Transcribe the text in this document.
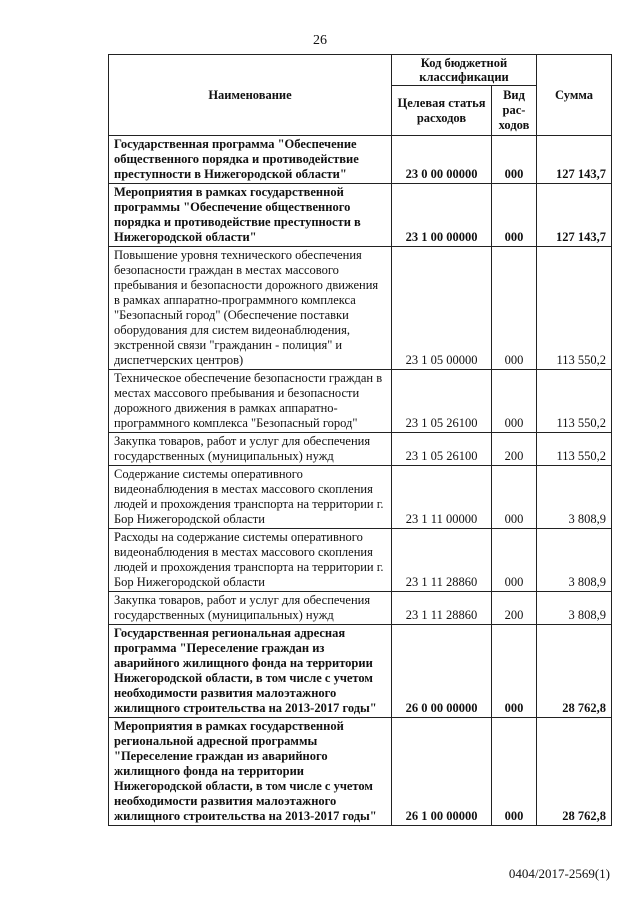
26
Наименование	Код бюджетной классификации		Сумма
	Целевая статья расходов	Вид рас-ходов	
Государственная программа "Обеспечение общественного порядка и противодействие преступности в Нижегородской области"	23 0 00 00000	000	127 143,7
Мероприятия в рамках государственной программы "Обеспечение общественного порядка и противодействие преступности в Нижегородской области"	23 1 00 00000	000	127 143,7
Повышение уровня технического обеспечения безопасности граждан в местах массового пребывания и безопасности дорожного движения в рамках аппаратно-программного комплекса "Безопасный город" (Обеспечение поставки оборудования для систем видеонаблюдения, экстренной связи "гражданин - полиция" и диспетчерских центров)	23 1 05 00000	000	113 550,2
Техническое обеспечение безопасности граждан в местах массового пребывания и безопасности дорожного движения в рамках аппаратно-программного комплекса "Безопасный город"	23 1 05 26100	000	113 550,2
Закупка товаров, работ и услуг для обеспечения государственных (муниципальных) нужд	23 1 05 26100	200	113 550,2
Содержание системы оперативного видеонаблюдения в местах массового скопления людей и прохождения транспорта на территории г. Бор Нижегородской области	23 1 11 00000	000	3 808,9
Расходы на содержание системы оперативного видеонаблюдения в местах массового скопления людей и прохождения транспорта на территории г. Бор Нижегородской области	23 1 11 28860	000	3 808,9
Закупка товаров, работ и услуг для обеспечения государственных (муниципальных) нужд	23 1 11 28860	200	3 808,9
Государственная региональная адресная программа "Переселение граждан из аварийного жилищного фонда на территории Нижегородской области, в том числе с учетом необходимости развития малоэтажного жилищного строительства на 2013-2017 годы"	26 0 00 00000	000	28 762,8
Мероприятия в рамках государственной региональной адресной программы "Переселение граждан из аварийного жилищного фонда на территории Нижегородской области, в том числе с учетом необходимости развития малоэтажного жилищного строительства на 2013-2017 годы"	26 1 00 00000	000	28 762,8
0404/2017-2569(1)
